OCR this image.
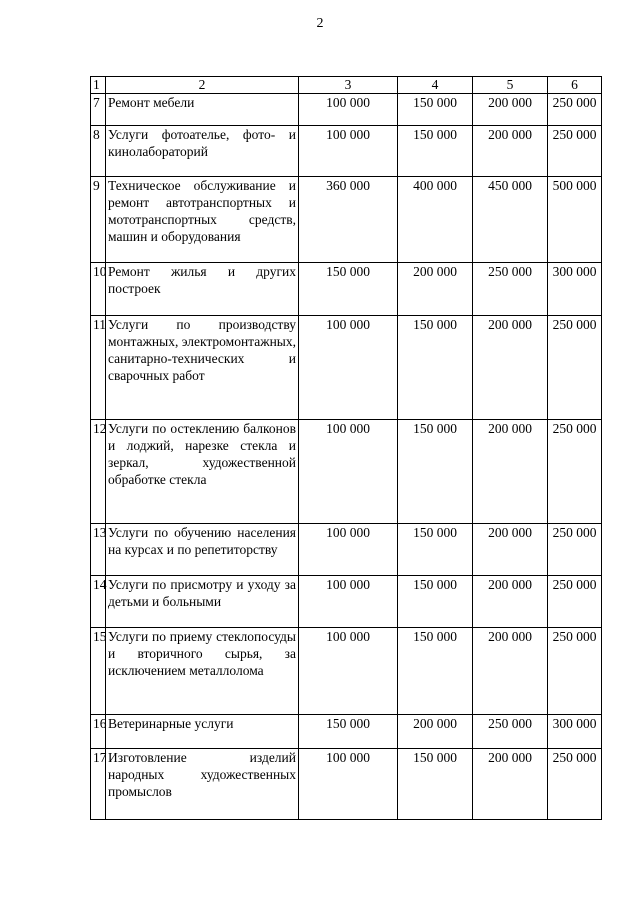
2
1	2	3	4	5	6
7	Ремонт мебели	100 000	150 000	200 000	250 000
8	Услуги фотоателье, фото- и кинолабораторий	100 000	150 000	200 000	250 000
9	Техническое обслуживание и ремонт автотранспортных и мототранспортных средств, машин и оборудования	360 000	400 000	450 000	500 000
10	Ремонт жилья и других построек	150 000	200 000	250 000	300 000
11	Услуги по производству монтажных, электромонтажных, санитарно-технических и сварочных работ	100 000	150 000	200 000	250 000
12	Услуги по остеклению балконов и лоджий, нарезке стекла и зеркал, художественной обработке стекла	100 000	150 000	200 000	250 000
13	Услуги по обучению населения на курсах и по репетиторству	100 000	150 000	200 000	250 000
14	Услуги по присмотру и уходу за детьми и больными	100 000	150 000	200 000	250 000
15	Услуги по приему стеклопосуды и вторичного сырья, за исключением металлолома	100 000	150 000	200 000	250 000
16	Ветеринарные услуги	150 000	200 000	250 000	300 000
17	Изготовление изделий народных художественных промыслов	100 000	150 000	200 000	250 000
